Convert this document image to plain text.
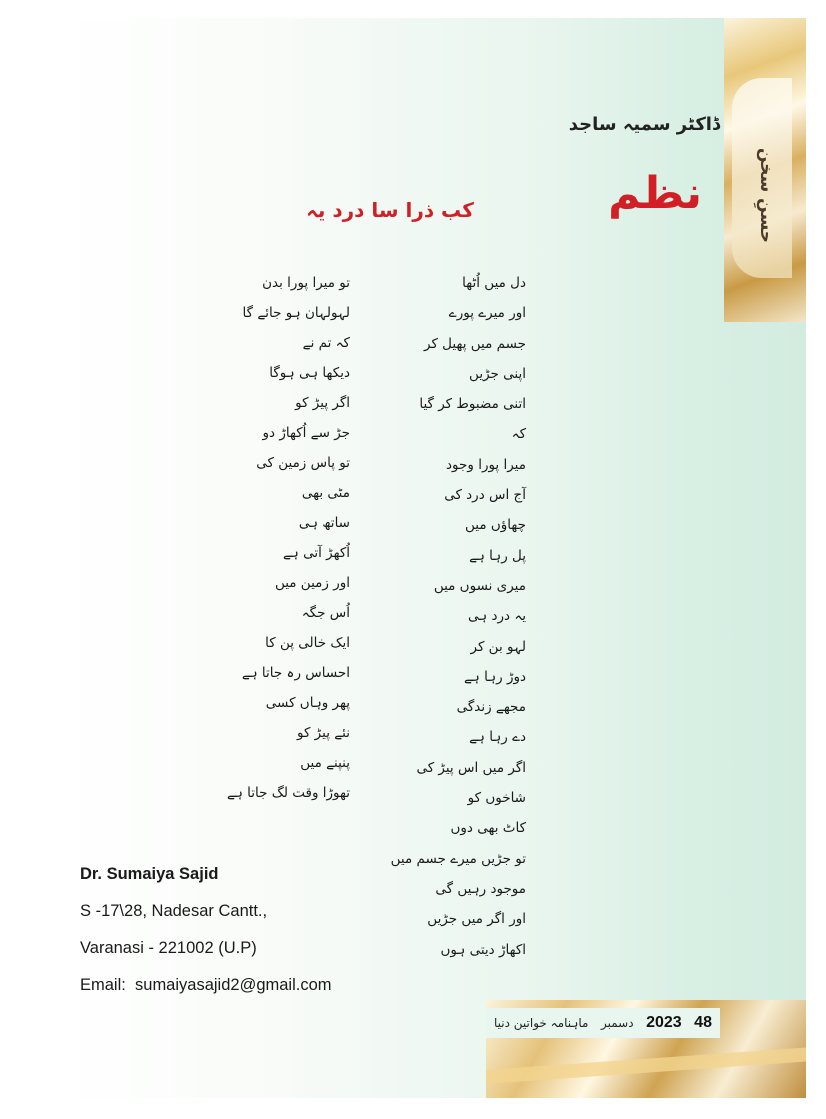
حسنِ سخن
ڈاکٹر سمیہ ساجد
نظم
کب ذرا سا درد یہ
دل میں اُٹھا
اور میرے پورے
جسم میں پھیل کر
اپنی جڑیں
اتنی مضبوط کر گیا
کہ
میرا پورا وجود
آج اس درد کی
چھاؤں میں
پل رہا ہے
میری نسوں میں
یہ درد ہی
لہو بن کر
دوڑ رہا ہے
مجھے زندگی
دے رہا ہے
اگر میں اس پیڑ کی
شاخوں کو
کاٹ بھی دوں
تو جڑیں میرے جسم میں
موجود رہیں گی
اور اگر میں جڑیں
اکھاڑ دیتی ہوں
تو میرا پورا بدن
لہولہان ہو جائے گا
کہ تم نے
دیکھا ہی ہوگا
اگر پیڑ کو
جڑ سے اُکھاڑ دو
تو پاس زمین کی
مٹی بھی
ساتھ ہی
اُکھڑ آتی ہے
اور زمین میں
اُس جگہ
ایک خالی پن کا
احساس رہ جاتا ہے
پھر وہاں کسی
نئے پیڑ کو
پنپنے میں
تھوڑا وقت لگ جاتا ہے
Dr. Sumaiya Sajid
S -17\28, Nadesar Cantt.,
Varanasi - 221002 (U.P)
Email: sumaiyasajid2@gmail.com
ماہنامہ خواتین دنیا دسمبر 2023 48
